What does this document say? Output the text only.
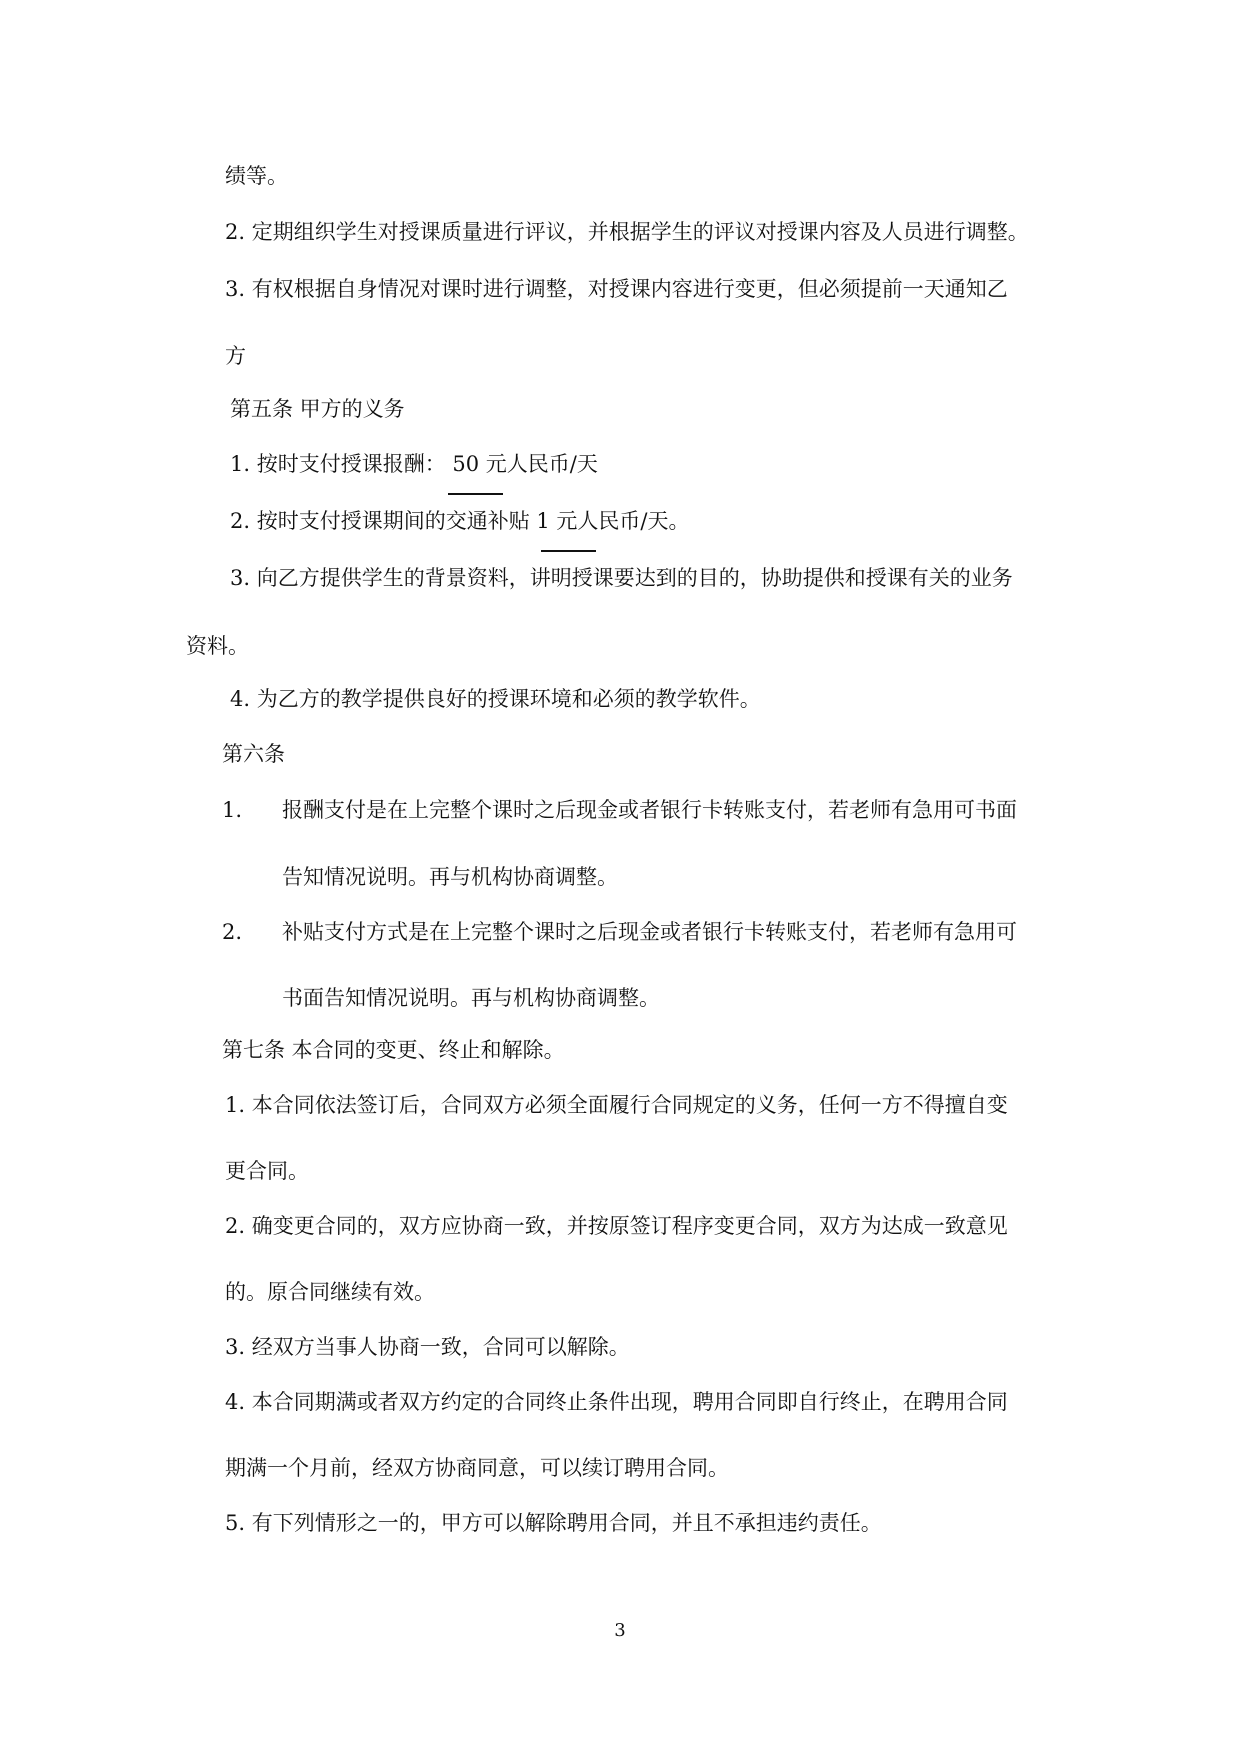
绩等。
2. 定期组织学生对授课质量进行评议，并根据学生的评议对授课内容及人员进行调整。
3. 有权根据自身情况对课时进行调整，对授课内容进行变更，但必须提前一天通知乙
方
第五条 甲方的义务
1. 按时支付授课报酬： 50 元人民币/天
2. 按时支付授课期间的交通补贴 1 元人民币/天。
3. 向乙方提供学生的背景资料，讲明授课要达到的目的，协助提供和授课有关的业务
资料。
4. 为乙方的教学提供良好的授课环境和必须的教学软件。
第六条
1. 报酬支付是在上完整个课时之后现金或者银行卡转账支付，若老师有急用可书面
告知情况说明。再与机构协商调整。
2. 补贴支付方式是在上完整个课时之后现金或者银行卡转账支付，若老师有急用可
书面告知情况说明。再与机构协商调整。
第七条 本合同的变更、终止和解除。
1. 本合同依法签订后，合同双方必须全面履行合同规定的义务，任何一方不得擅自变
更合同。
2. 确变更合同的，双方应协商一致，并按原签订程序变更合同，双方为达成一致意见
的。原合同继续有效。
3. 经双方当事人协商一致，合同可以解除。
4. 本合同期满或者双方约定的合同终止条件出现，聘用合同即自行终止，在聘用合同
期满一个月前，经双方协商同意，可以续订聘用合同。
5. 有下列情形之一的，甲方可以解除聘用合同，并且不承担违约责任。
3
